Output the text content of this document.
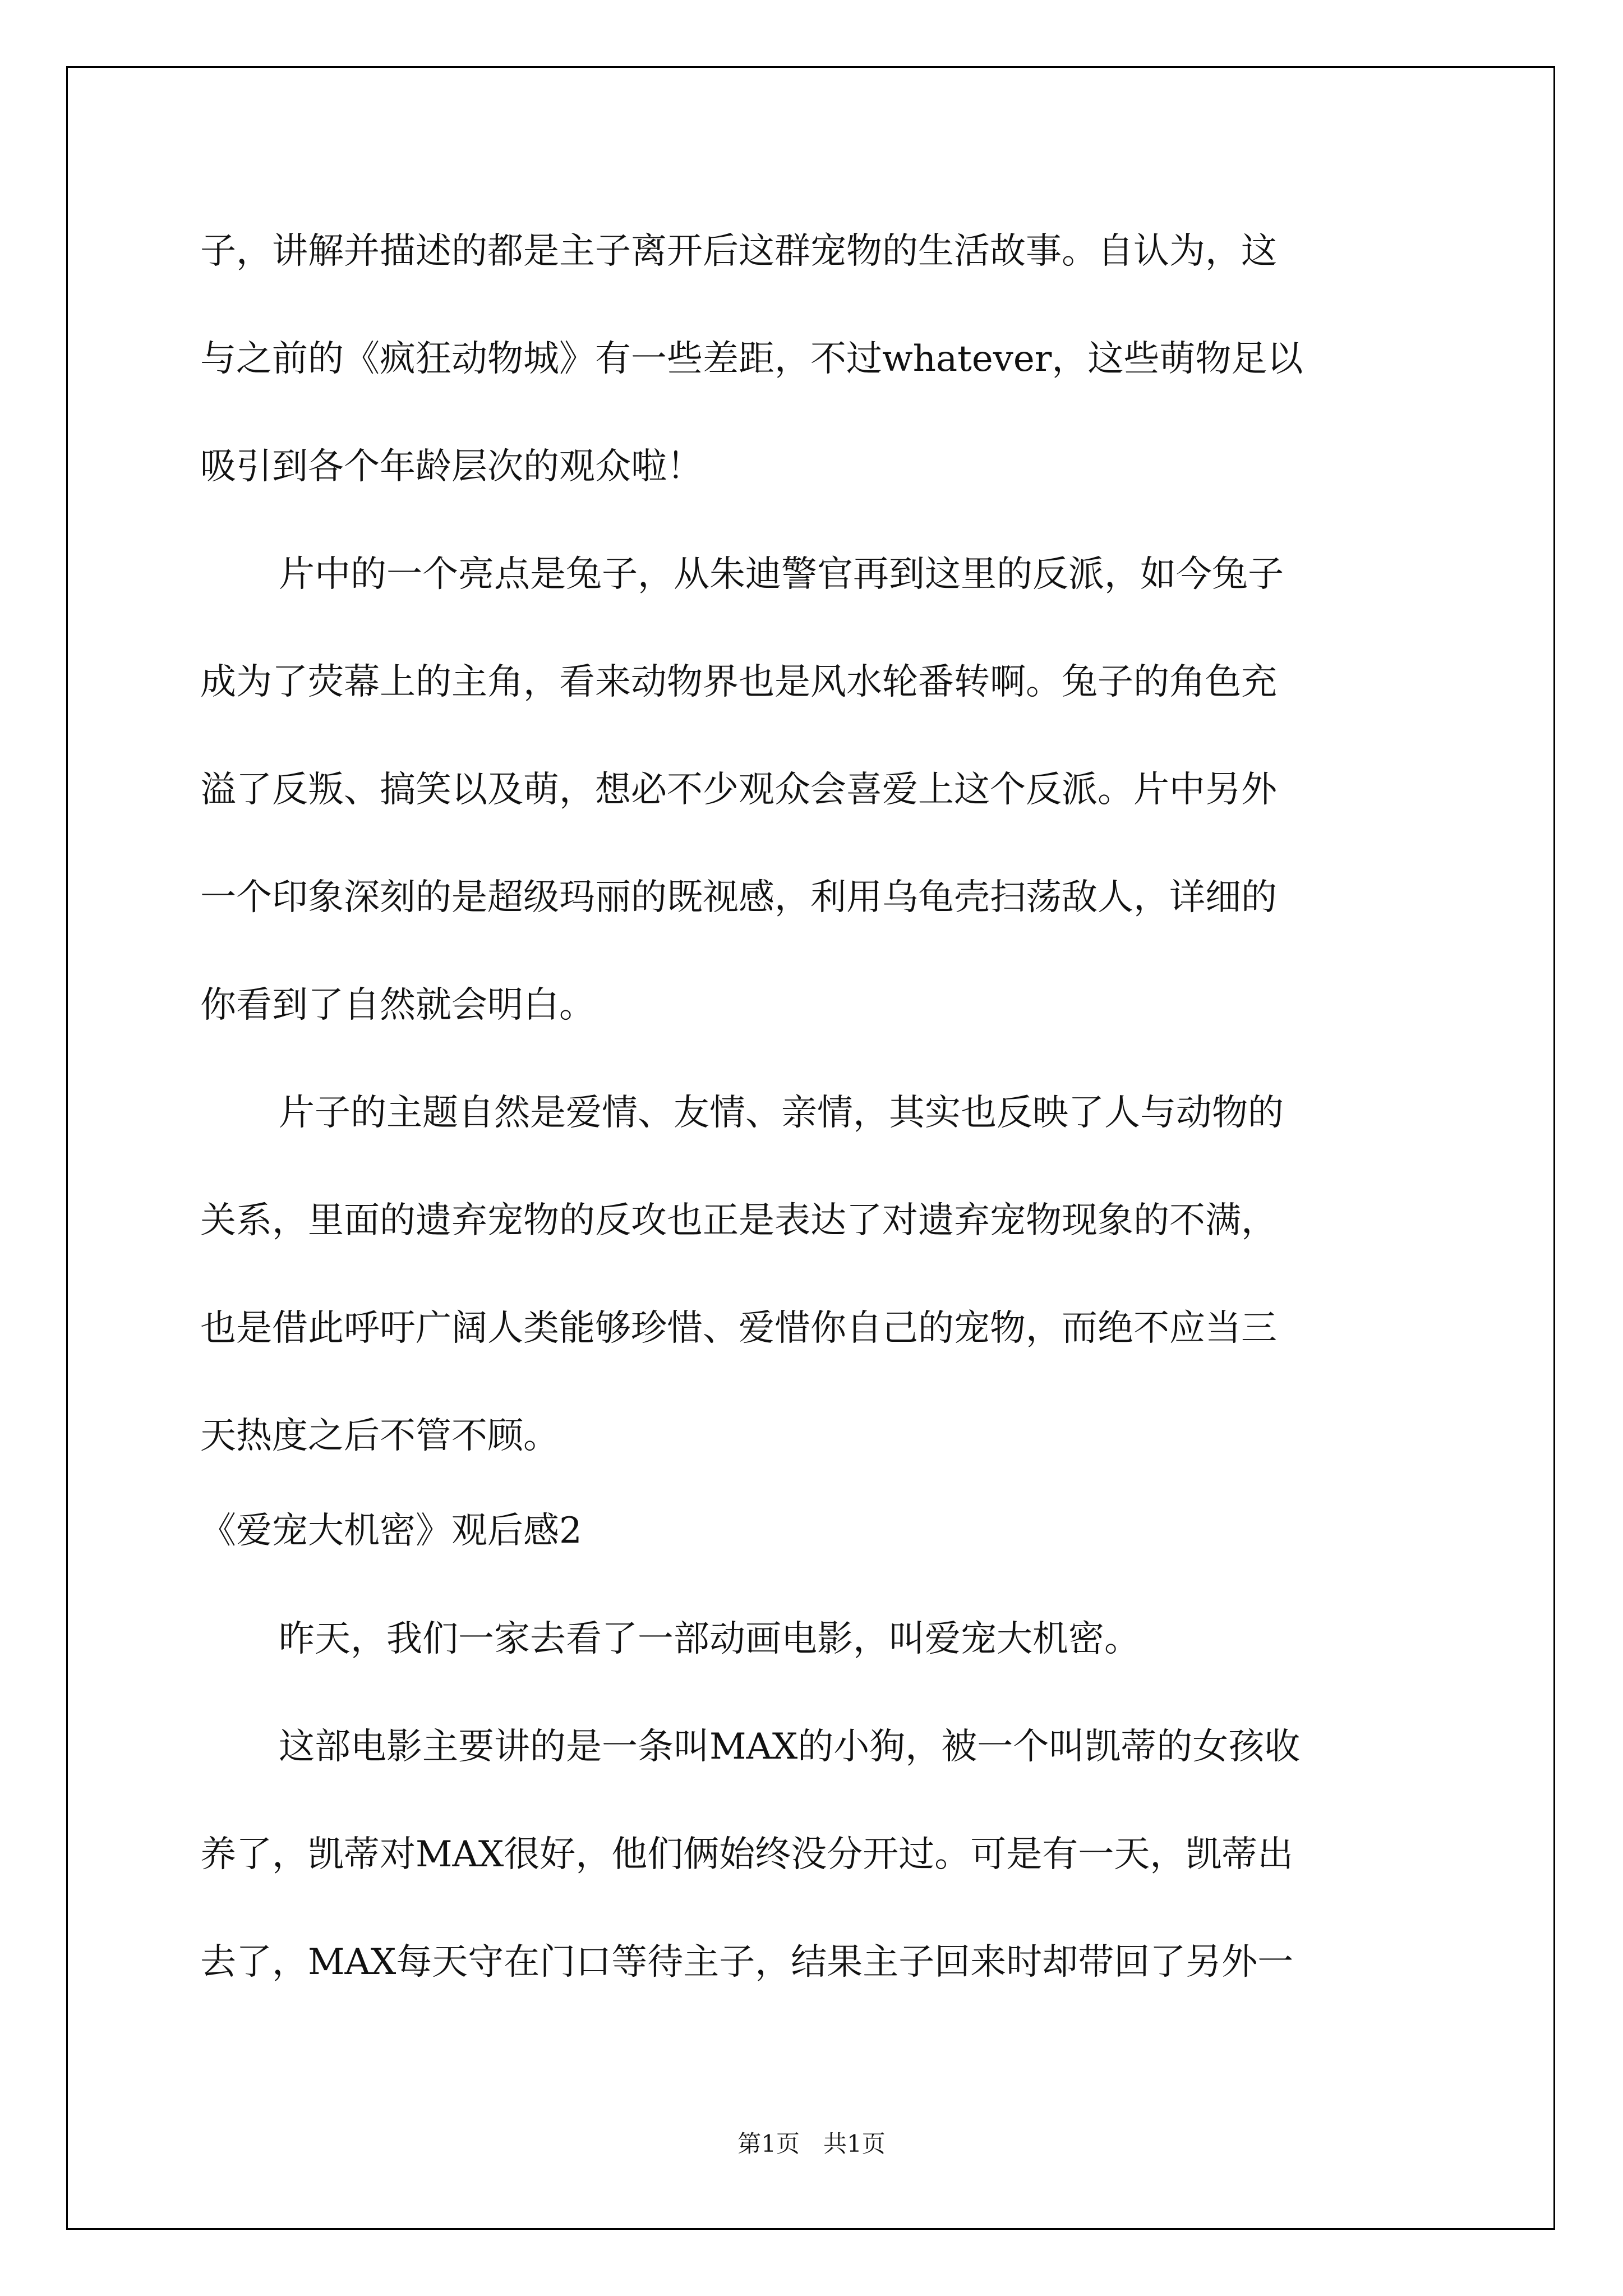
子，讲解并描述的都是主子离开后这群宠物的生活故事。自认为，这
与之前的《疯狂动物城》有一些差距，不过whatever，这些萌物足以
吸引到各个年龄层次的观众啦！
片中的一个亮点是兔子，从朱迪警官再到这里的反派，如今兔子
成为了荧幕上的主角，看来动物界也是风水轮番转啊。兔子的角色充
溢了反叛、搞笑以及萌，想必不少观众会喜爱上这个反派。片中另外
一个印象深刻的是超级玛丽的既视感，利用乌龟壳扫荡敌人，详细的
你看到了自然就会明白。
片子的主题自然是爱情、友情、亲情，其实也反映了人与动物的
关系，里面的遗弃宠物的反攻也正是表达了对遗弃宠物现象的不满，
也是借此呼吁广阔人类能够珍惜、爱惜你自己的宠物，而绝不应当三
天热度之后不管不顾。
《爱宠大机密》观后感2
昨天，我们一家去看了一部动画电影，叫爱宠大机密。
这部电影主要讲的是一条叫MAX的小狗，被一个叫凯蒂的女孩收
养了，凯蒂对MAX很好，他们俩始终没分开过。可是有一天，凯蒂出
去了，MAX每天守在门口等待主子，结果主子回来时却带回了另外一
第1页　共1页
